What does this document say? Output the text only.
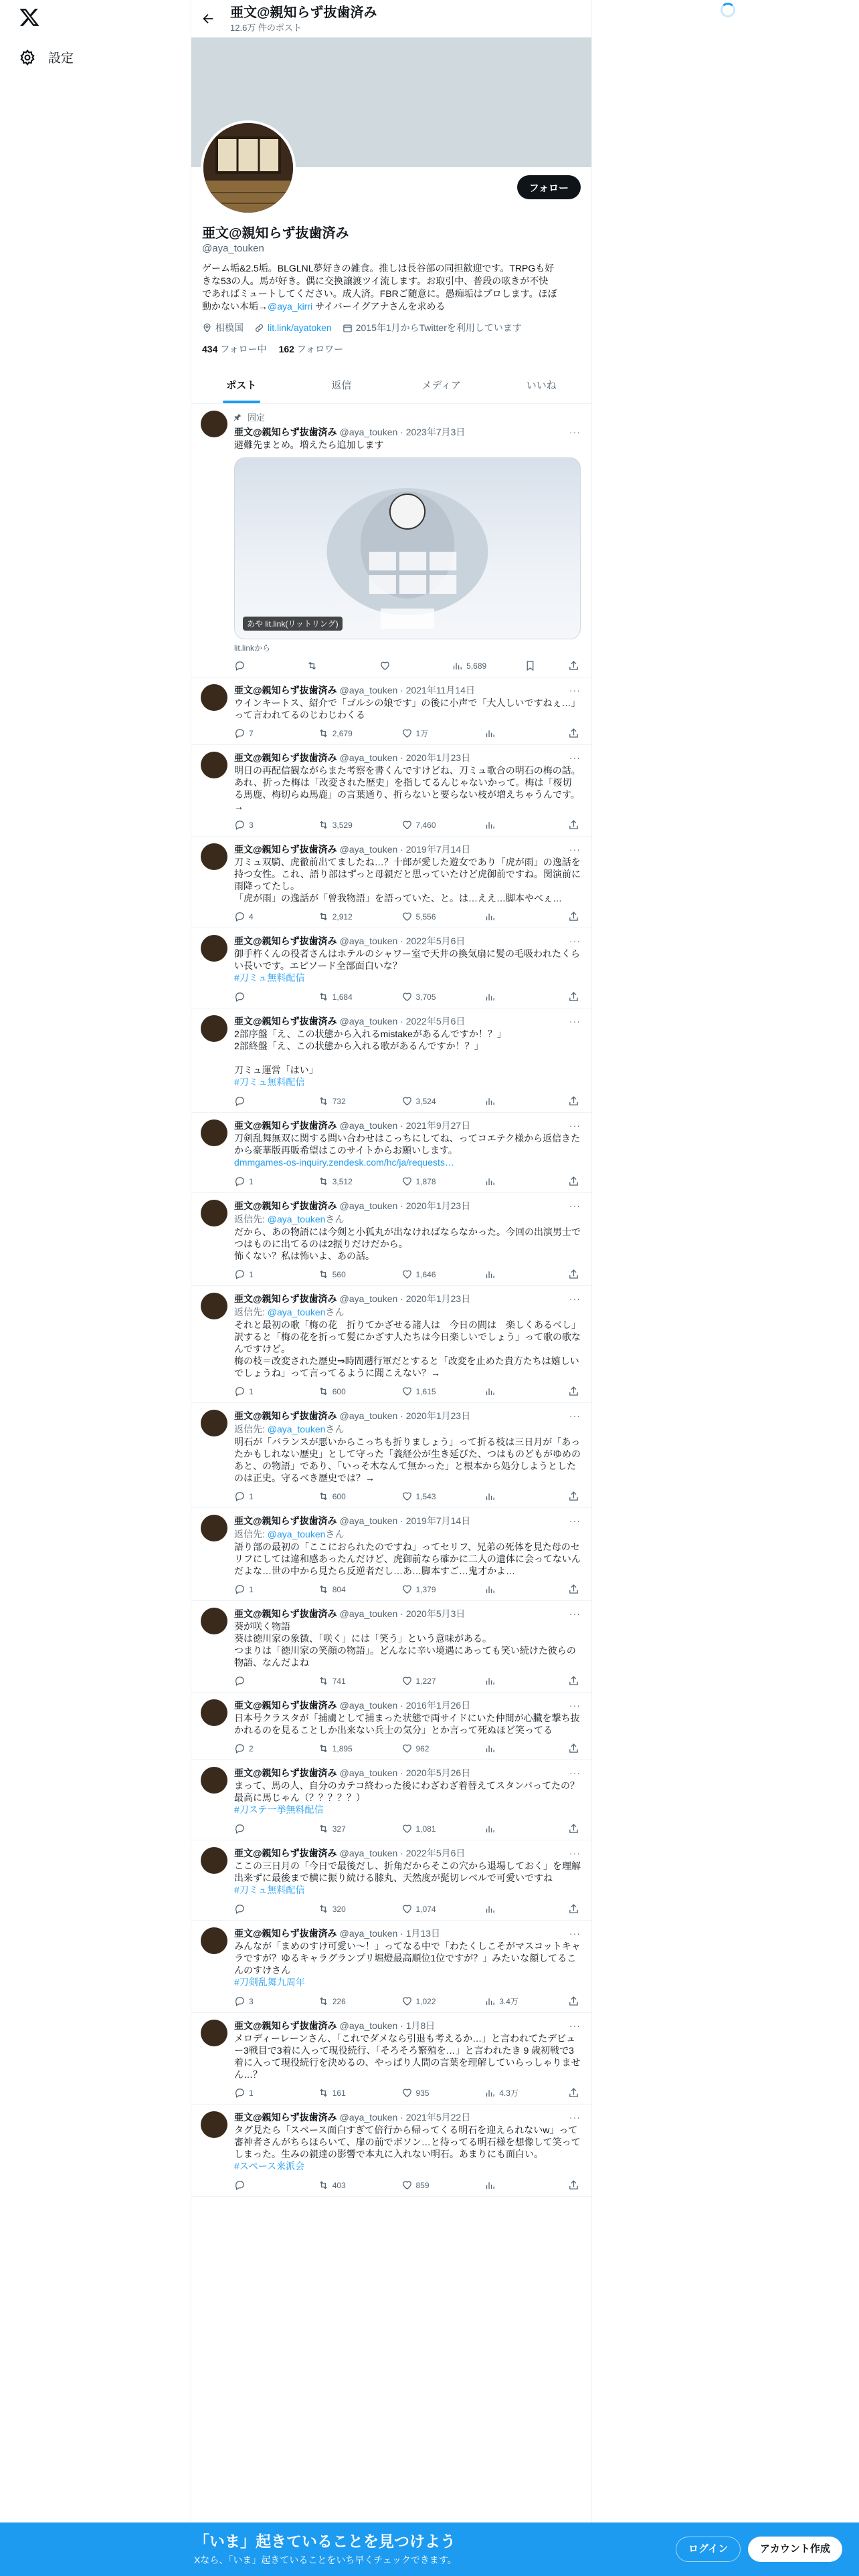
設定
亜文@親知らず抜歯済み
12.6万 件のポスト
フォロー
亜文@親知らず抜歯済み
@aya_touken
ゲーム垢&2.5垢。BLGLNL夢好きの雑食。推しは長谷部の同担歓迎です。TRPGも好
きな53の人。馬が好き。偶に交換譲渡ツイ流します。お取引中、普段の呟きが不快
であればミュートしてください。成人済。FBRご随意に。愚痴垢はプロします。ほぼ
動かない本垢→@aya_kirri サイバーイグアナさんを求める
相模国	lit.link/ayatoken	2015年1月からTwitterを利用しています
434 フォロー中 162 フォロワー
ポスト	返信	メディア	いいね
固定
亜文@親知らず抜歯済み @aya_touken · 2023年7月3日	···
避難先まとめ。増えたら追加します
あや lit.link(リットリング)
lit.linkから
5,689
亜文@親知らず抜歯済み @aya_touken · 2021年11月14日	···
ウインキートス、紹介で「ゴルシの娘です」の後に小声で「大人しいですねぇ…」って言われてるのじわじわくる
7	2,679	1万
亜文@親知らず抜歯済み @aya_touken · 2020年1月23日	···
明日の再配信観ながらまた考察を書くんですけどね、刀ミュ歌合の明石の梅の話。あれ、折った梅は「改変された歴史」を指してるんじゃないかって。梅は「桜切る馬鹿、梅切らぬ馬鹿」の言葉通り、折らないと要らない枝が増えちゃうんです。→
3	3,529	7,460
亜文@親知らず抜歯済み @aya_touken · 2019年7月14日	···
刀ミュ双騎、虎徹前出てましたね…？十郎が愛した遊女であり「虎が雨」の逸話を持つ女性。これ、語り部はずっと母親だと思っていたけど虎御前ですね。関演前に雨降ってたし。
「虎が雨」の逸話が「曾我物語」を語っていた、と。は…ええ…脚本やべぇ…
4	2,912	5,556
亜文@親知らず抜歯済み @aya_touken · 2022年5月6日	···
御手杵くんの役者さんはホテルのシャワー室で天井の換気扇に髪の毛吸われたくらい長いです。エピソード全部面白いな？
#刀ミュ無料配信
1,684	3,705
亜文@親知らず抜歯済み @aya_touken · 2022年5月6日	···
2部序盤「え、この状態から入れるmistakeがあるんですか！？」
2部終盤「え、この状態から入れる歌があるんですか！？」

刀ミュ運営「はい」
#刀ミュ無料配信
732	3,524
亜文@親知らず抜歯済み @aya_touken · 2021年9月27日	···
刀剣乱舞無双に関する問い合わせはこっちにしてね、ってコエテク様から返信きたから豪華版再販希望はこのサイトからお願いします。
dmmgames-os-inquiry.zendesk.com/hc/ja/requests…
1	3,512	1,878
亜文@親知らず抜歯済み @aya_touken · 2020年1月23日	···
返信先: @aya_toukenさん
だから、あの物語には今剣と小狐丸が出なければならなかった。今回の出演男士でつはものに出てるのは2振りだけだから。
怖くない？私は怖いよ、あの話。
1	560	1,646
亜文@親知らず抜歯済み @aya_touken · 2020年1月23日	···
返信先: @aya_toukenさん
それと最初の歌「梅の花　折りてかざせる諸人は　今日の間は　楽しくあるべし」訳すると「梅の花を折って髪にかざす人たちは今日楽しいでしょう」って歌の歌なんですけど。
梅の枝＝改変された歴史⇒時間遡行軍だとすると「改変を止めた貴方たちは嬉しいでしょうね」って言ってるように聞こえない？→
1	600	1,615
亜文@親知らず抜歯済み @aya_touken · 2020年1月23日	···
返信先: @aya_toukenさん
明石が「バランスが悪いからこっちも折りましょう」って折る枝は三日月が「あったかもしれない歴史」として守った「義経公が生き延びた、つはものどもがゆめのあと、の物語」であり、「いっそ木なんて無かった」と根本から処分しようとしたのは正史。守るべき歴史では？→
1	600	1,543
亜文@親知らず抜歯済み @aya_touken · 2019年7月14日	···
返信先: @aya_toukenさん
語り部の最初の「ここにおられたのですね」ってセリフ、兄弟の死体を見た母のセリフにしては違和感あったんだけど、虎御前なら確かに二人の遺体に会ってないんだよな…世の中から見たら反逆者だし…あ…脚本すご…鬼才かよ…
1	804	1,379
亜文@親知らず抜歯済み @aya_touken · 2020年5月3日	···
葵が咲く物語
葵は徳川家の象徴、「咲く」には「笑う」という意味がある。
つまりは「徳川家の笑顔の物語」。どんなに辛い境遇にあっても笑い続けた彼らの物語、なんだよね
741	1,227
亜文@親知らず抜歯済み @aya_touken · 2016年1月26日	···
日本号クラスタが「捕虜として捕まった状態で両サイドにいた仲間が心臓を撃ち抜かれるのを見ることしか出来ない兵士の気分」とか言って死ぬほど笑ってる
2	1,895	962
亜文@親知らず抜歯済み @aya_touken · 2020年5月26日	···
まって、馬の人、自分のカテコ終わった後にわざわざ着替えてスタンバってたの？最高に馬じゃん（？？？？？）
#刀ステ一挙無料配信
327	1,081
亜文@親知らず抜歯済み @aya_touken · 2022年5月6日	···
ここの三日月の「今日で最後だし、折角だからそこの穴から退場しておく」を理解出来ずに最後まで横に振り続ける膝丸、天然度が髭切レベルで可愛いですね
#刀ミュ無料配信
320	1,074
亜文@親知らず抜歯済み @aya_touken · 1月13日	···
みんなが「まめのすけ可愛い～！」ってなる中で「わたくしこそがマスコットキャラですが？ゆるキャラグランプリ堀燈最高順位1位ですが？」みたいな顔してるこんのすけさん
#刀剣乱舞九周年
3	226	1,022	3.4万
亜文@親知らず抜歯済み @aya_touken · 1月8日	···
メロディーレーンさん、「これでダメなら引退も考えるか…」と言われてたデビュー3戦目で3着に入って現役続行、「そろそろ繁殖を…」と言われたき 9 歳初戦で3着に入って現役続行を決めるの、やっぱり人間の言葉を理解していらっしゃりません…？
1	161	935	4.3万
亜文@親知らず抜歯済み @aya_touken · 2021年5月22日	···
タグ見たら「スペース面白すぎて倍行から帰ってくる明石を迎えられないw」って審神者さんがちらほらいて、扉の前でボソン…と待ってる明石様を想像して笑ってしまった。生みの親達の影響で本丸に入れない明石。あまりにも面白い。
#スペース来派会
403	859
「いま」起きていることを見つけよう
Xなら、「いま」起きていることをいち早くチェックできます。
ログイン	アカウント作成
